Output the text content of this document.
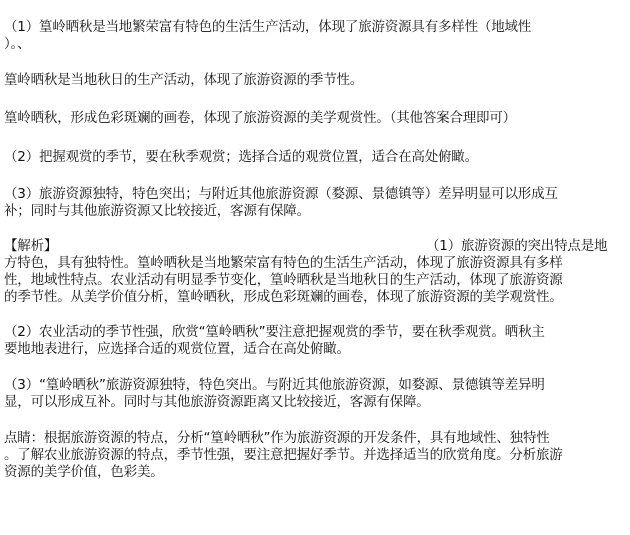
（1）篁岭晒秋是当地繁荣富有特色的生活生产活动，体现了旅游资源具有多样性（地域性
）。、
篁岭晒秋是当地秋日的生产活动，体现了旅游资源的季节性。
篁岭晒秋，形成色彩斑斓的画卷，体现了旅游资源的美学观赏性。（其他答案合理即可）
（2）把握观赏的季节，要在秋季观赏；选择合适的观赏位置，适合在高处俯瞰。
（3）旅游资源独特，特色突出；与附近其他旅游资源（婺源、景德镇等）差异明显可以形成互
补；同时与其他旅游资源又比较接近，客源有保障。
【解析】	（1）旅游资源的突出特点是地
方特色，具有独特性。篁岭晒秋是当地繁荣富有特色的生活生产活动，体现了旅游资源具有多样
性，地域性特点。农业活动有明显季节变化，篁岭晒秋是当地秋日的生产活动，体现了旅游资源
的季节性。从美学价值分析，篁岭晒秋，形成色彩斑斓的画卷，体现了旅游资源的美学观赏性。
（2）农业活动的季节性强，欣赏“篁岭晒秋”要注意把握观赏的季节，要在秋季观赏。晒秋主
要地地表进行，应选择合适的观赏位置，适合在高处俯瞰。
（3）“篁岭晒秋”旅游资源独特，特色突出。与附近其他旅游资源，如婺源、景德镇等差异明
显，可以形成互补。同时与其他旅游资源距离又比较接近，客源有保障。
点睛：根据旅游资源的特点，分析“篁岭晒秋”作为旅游资源的开发条件，具有地域性、独特性
。了解农业旅游资源的特点，季节性强，要注意把握好季节。并选择适当的欣赏角度。分析旅游
资源的美学价值，色彩美。
